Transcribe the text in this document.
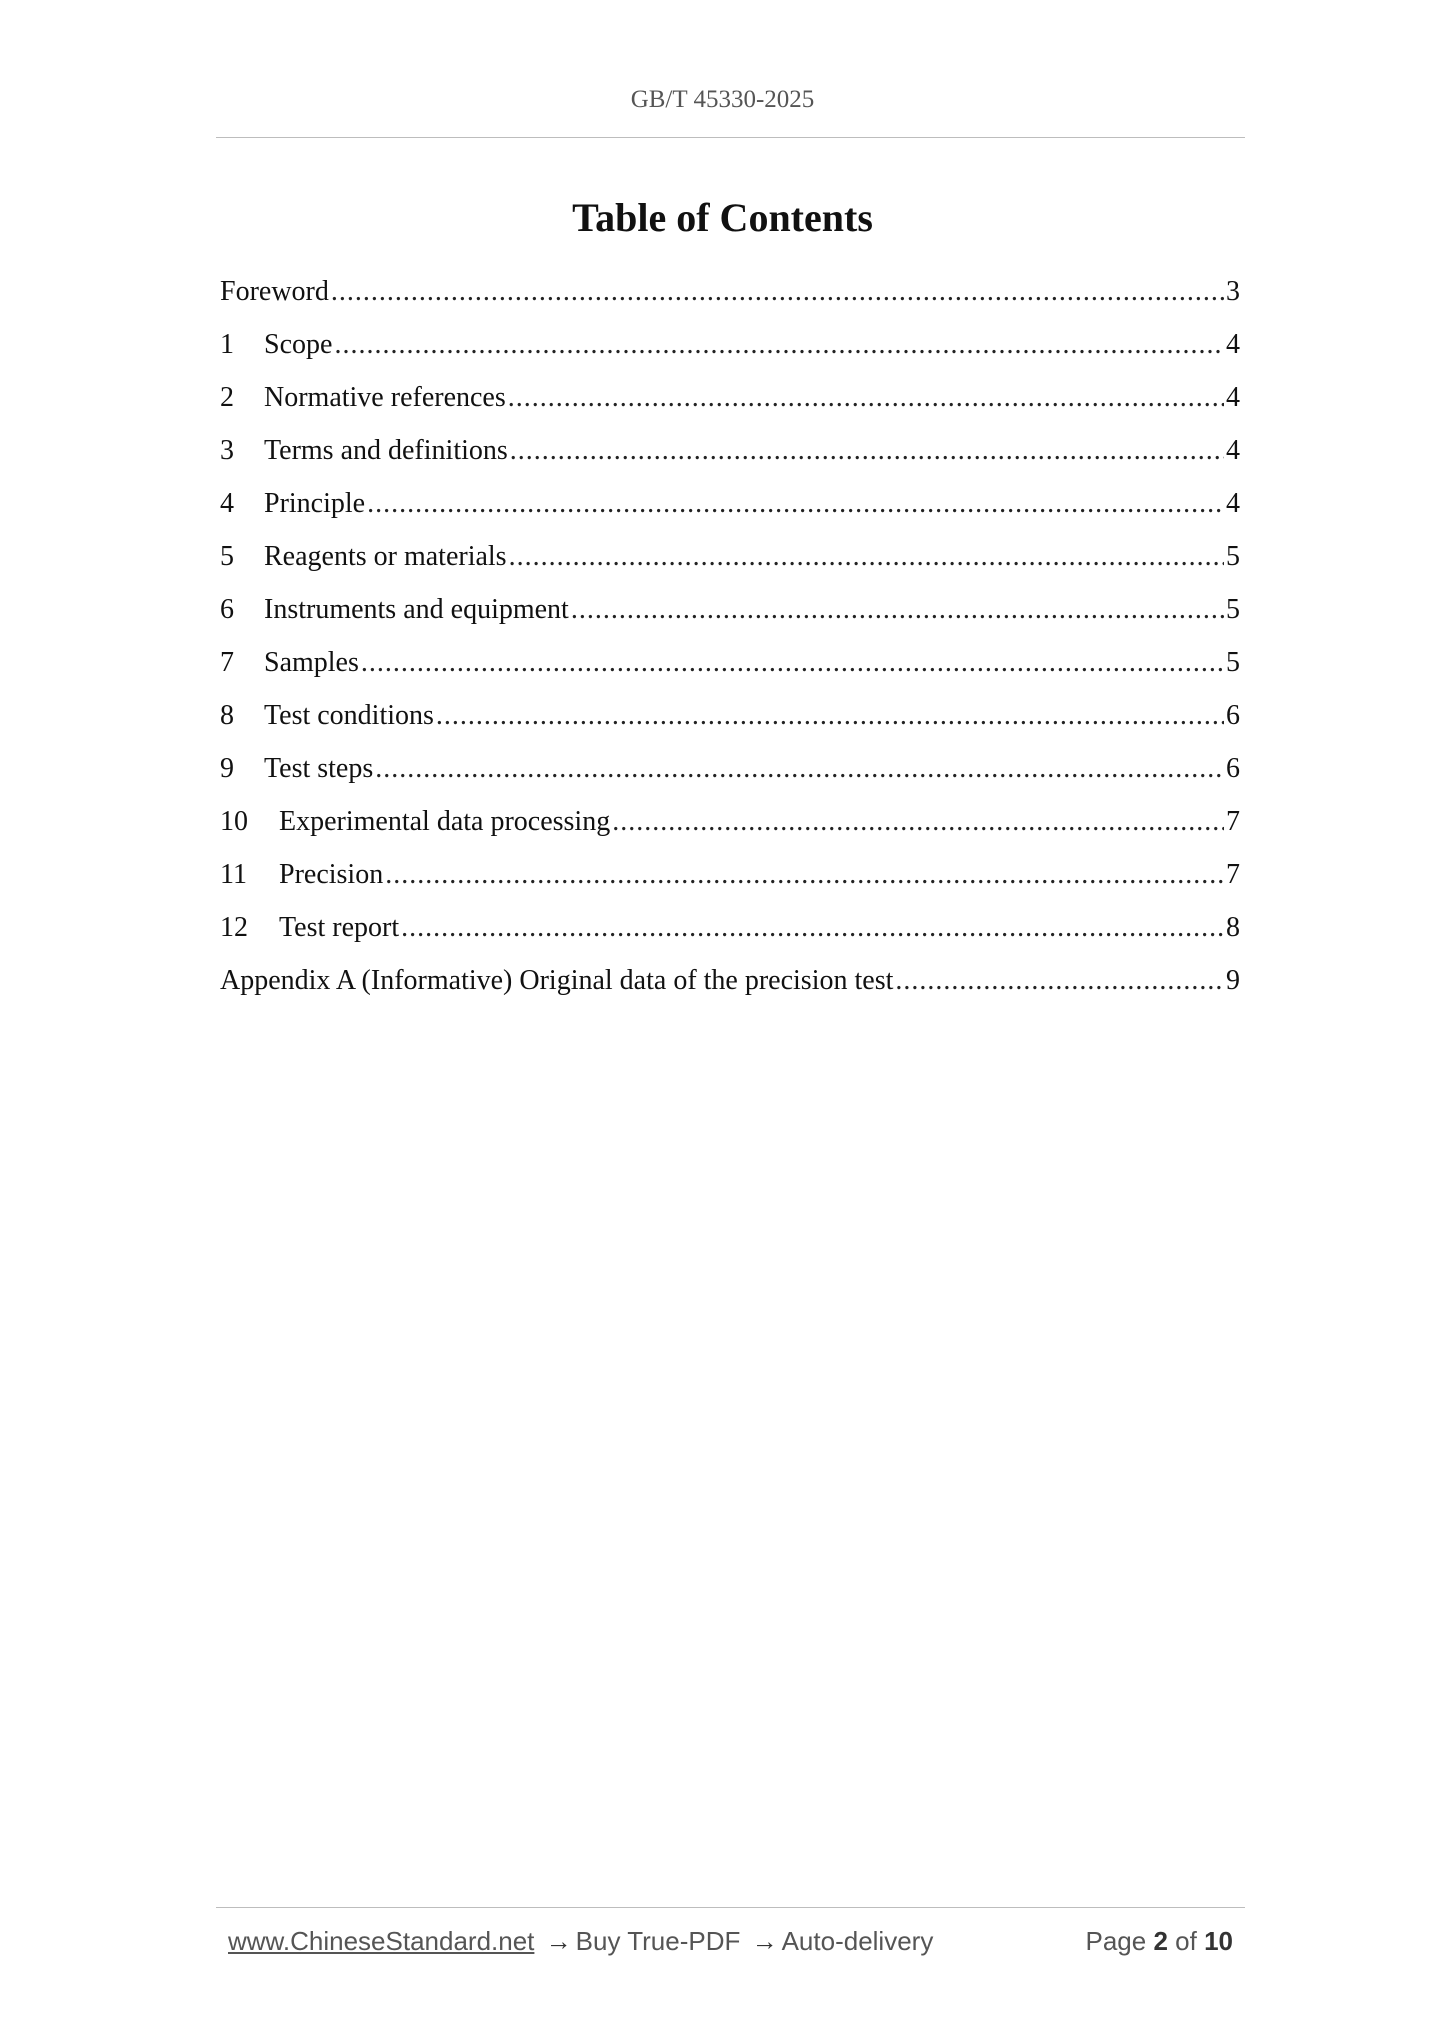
GB/T 45330-2025
Table of Contents
Foreword .....	3
1	Scope .....	4
2	Normative references .....	4
3	Terms and definitions .....	4
4	Principle .....	4
5	Reagents or materials .....	5
6	Instruments and equipment .....	5
7	Samples .....	5
8	Test conditions .....	6
9	Test steps .....	6
10	Experimental data processing .....	7
11	Precision .....	7
12	Test report .....	8
Appendix A (Informative) Original data of the precision test .....	9
www.ChineseStandard.net → Buy True-PDF → Auto-delivery	Page 2 of 10
